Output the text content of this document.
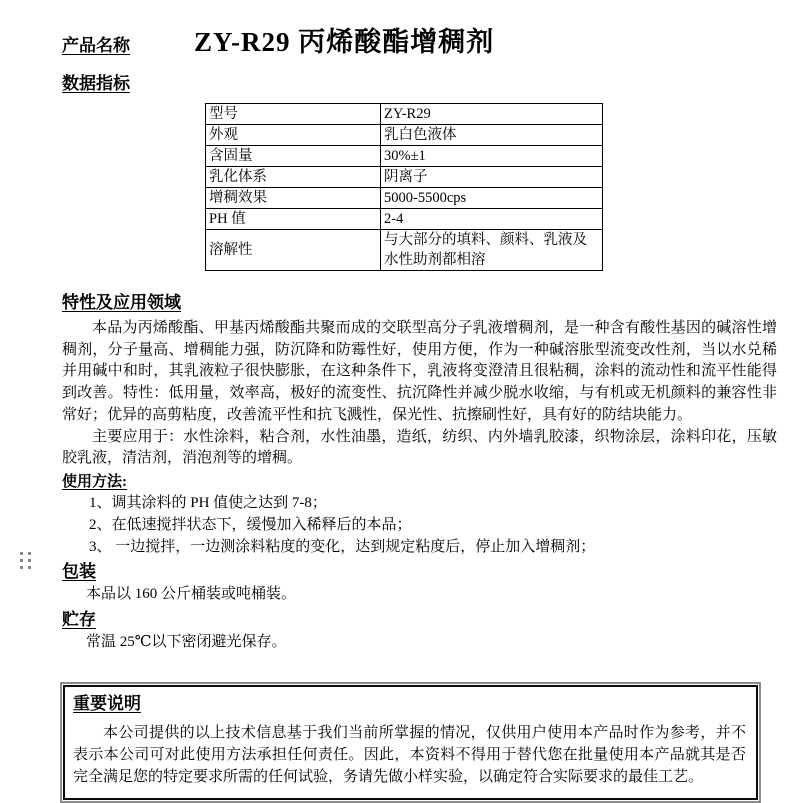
产品名称 ZY-R29 丙烯酸酯增稠剂
数据指标
型号	ZY-R29
外观	乳白色液体
含固量	30%±1
乳化体系	阴离子
增稠效果	5000-5500cps
PH 值	2-4
溶解性	与大部分的填料、颜料、乳液及水性助剂都相溶
特性及应用领域

本品为丙烯酸酯、甲基丙烯酸酯共聚而成的交联型高分子乳液增稠剂，是一种含有酸性基因的碱溶性增稠剂，分子量高、增稠能力强，防沉降和防霉性好，使用方便，作为一种碱溶胀型流变改性剂，当以水兑稀并用碱中和时，其乳液粒子很快膨胀，在这种条件下，乳液将变澄清且很粘稠，涂料的流动性和流平性能得到改善。特性：低用量，效率高，极好的流变性、抗沉降性并减少脱水收缩，与有机或无机颜料的兼容性非常好；优异的高剪粘度，改善流平性和抗飞溅性，保光性、抗擦刷性好，具有好的防结块能力。

主要应用于：水性涂料，粘合剂，水性油墨，造纸，纺织、内外墙乳胶漆，织物涂层，涂料印花，压敏胶乳液，清洁剂，消泡剂等的增稠。

使用方法:
1、调其涂料的 PH 值使之达到 7-8；
2、在低速搅拌状态下，缓慢加入稀释后的本品；
3、 一边搅拌，一边测涂料粘度的变化，达到规定粘度后，停止加入增稠剂；
包装
本品以 160 公斤桶装或吨桶装。
贮存
常温 25℃以下密闭避光保存。
重要说明
本公司提供的以上技术信息基于我们当前所掌握的情况，仅供用户使用本产品时作为参考，并不表示本公司可对此使用方法承担任何责任。因此，本资料不得用于替代您在批量使用本产品就其是否完全满足您的特定要求所需的任何试验，务请先做小样实验，以确定符合实际要求的最佳工艺。
